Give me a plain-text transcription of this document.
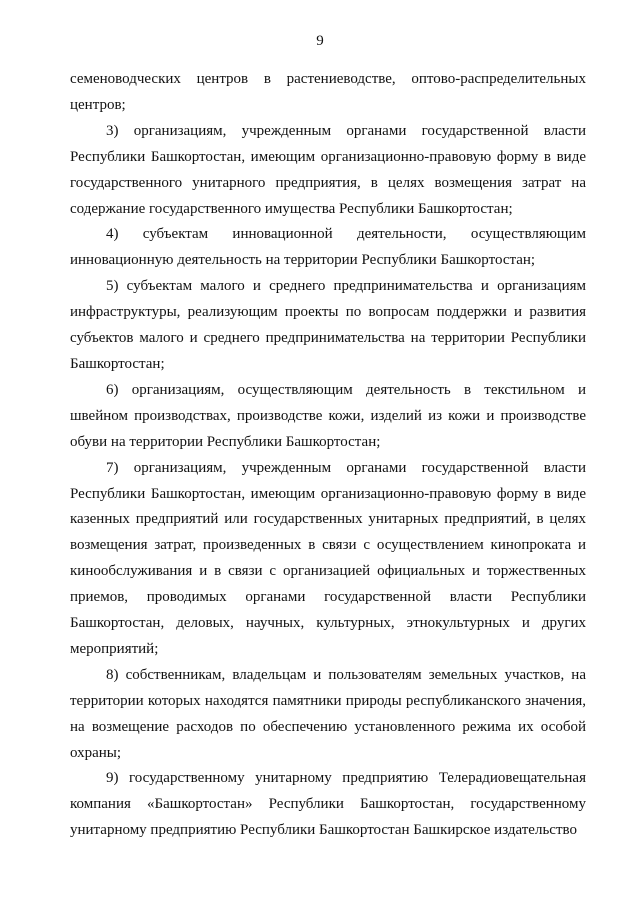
9

семеноводческих центров в растениеводстве, оптово-распределительных центров;

3) организациям, учрежденным органами государственной власти Республики Башкортостан, имеющим организационно-правовую форму в виде государственного унитарного предприятия, в целях возмещения затрат на содержание государственного имущества Республики Башкортостан;

4) субъектам инновационной деятельности, осуществляющим инновационную деятельность на территории Республики Башкортостан;

5) субъектам малого и среднего предпринимательства и организациям инфраструктуры, реализующим проекты по вопросам поддержки и развития субъектов малого и среднего предпринимательства на территории Республики Башкортостан;

6) организациям, осуществляющим деятельность в текстильном и швейном производствах, производстве кожи, изделий из кожи и производстве обуви на территории Республики Башкортостан;

7) организациям, учрежденным органами государственной власти Республики Башкортостан, имеющим организационно-правовую форму в виде казенных предприятий или государственных унитарных предприятий, в целях возмещения затрат, произведенных в связи с осуществлением кинопроката и кинообслуживания и в связи с организацией официальных и торжественных приемов, проводимых органами государственной власти Республики Башкортостан, деловых, научных, культурных, этнокультурных и других мероприятий;

8) собственникам, владельцам и пользователям земельных участков, на территории которых находятся памятники природы республиканского значения, на возмещение расходов по обеспечению установленного режима их особой охраны;

9) государственному унитарному предприятию Телерадиовещательная компания «Башкортостан» Республики Башкортостан, государственному унитарному предприятию Республики Башкортостан Башкирское издательство
